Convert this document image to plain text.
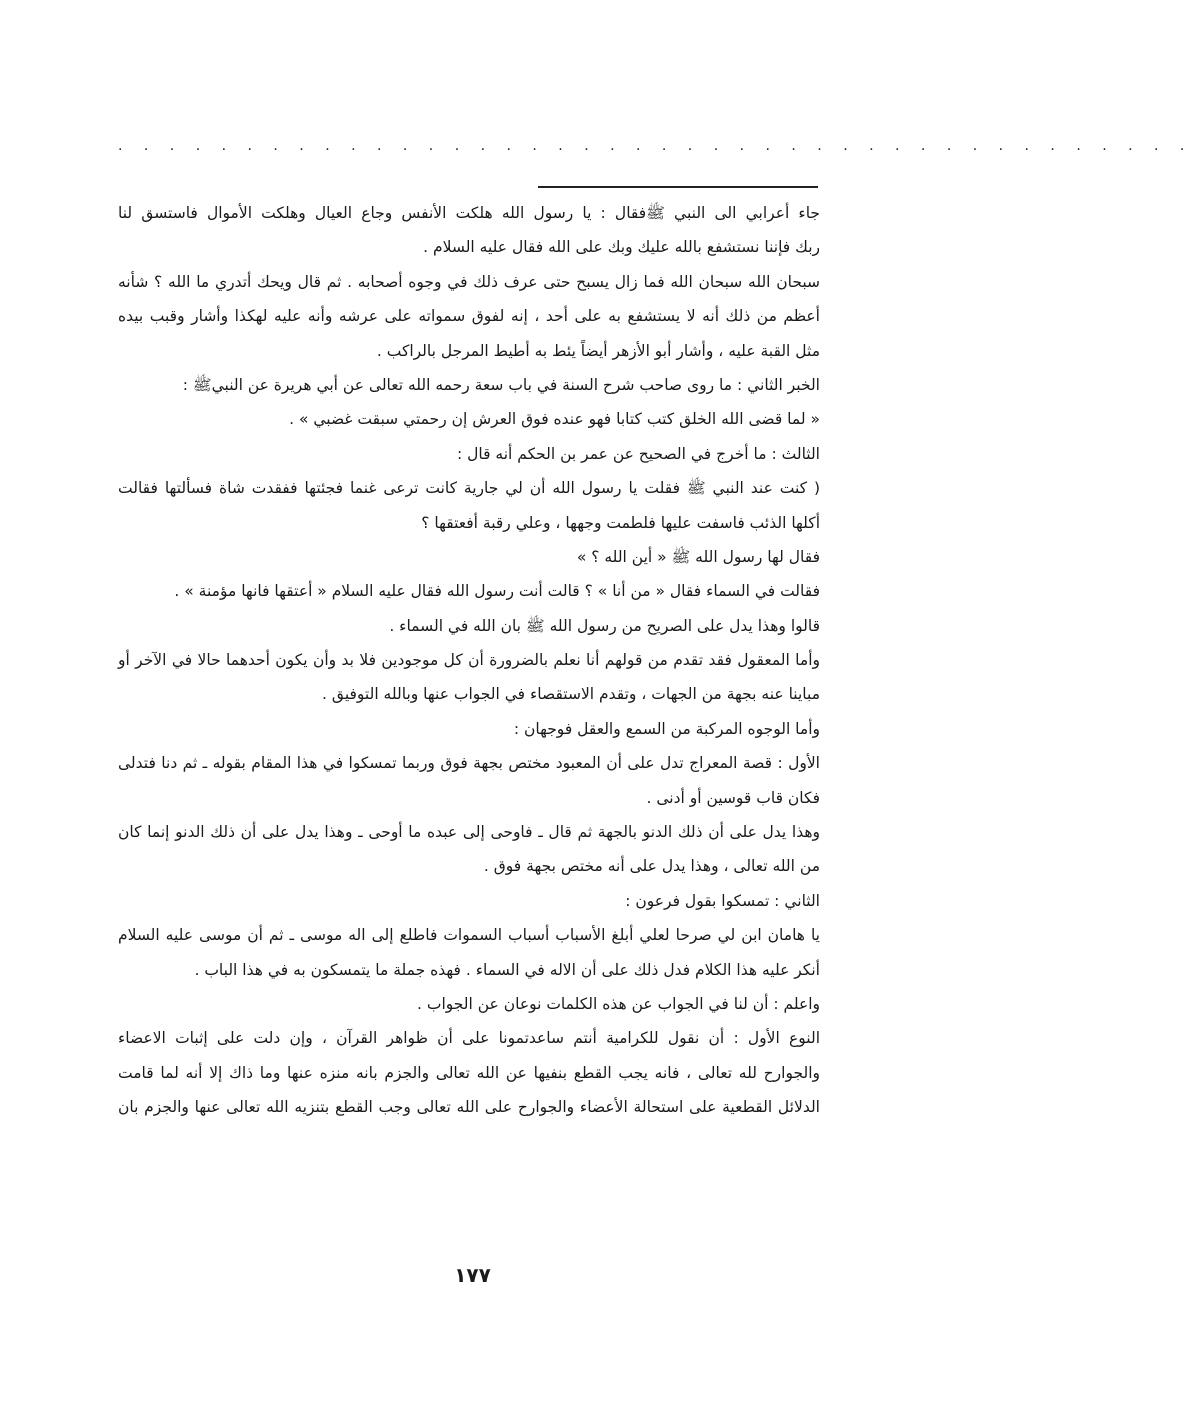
. . . . . . . . . . . . . . . . . . . . . . . . . . . . . . . . . . . . . . . . . .
جاء أعرابي الى النبي ﷺفقال : يا رسول الله هلكت الأنفس وجاع العيال وهلكت الأموال فاستسق لنا
ربك فإننا نستشفع بالله عليك وبك على الله فقال عليه السلام .
سبحان الله سبحان الله فما زال يسبح حتى عرف ذلك في وجوه أصحابه . ثم قال ويحك أتدري ما الله ؟ شأنه
أعظم من ذلك أنه لا يستشفع به على أحد ، إنه لفوق سمواته على عرشه وأنه عليه لهكذا وأشار وقبب بيده
مثل القبة عليه ، وأشار أبو الأزهر أيضاً يئط به أطيط المرجل بالراكب .
الخبر الثاني : ما روى صاحب شرح السنة في باب سعة رحمه الله تعالى عن أبي هريرة عن النبيﷺ :
« لما قضى الله الخلق كتب كتابا فهو عنده فوق العرش إن رحمتي سبقت غضبي » .
الثالث : ما أخرج في الصحيح عن عمر بن الحكم أنه قال :
( كنت عند النبي ﷺ فقلت يا رسول الله أن لي جارية كانت ترعى غنما فجئتها ففقدت شاة فسألتها فقالت
أكلها الذئب فاسفت عليها فلطمت وجهها ، وعلي رقبة أفعتقها ؟
فقال لها رسول الله ﷺ « أين الله ؟ »
فقالت في السماء فقال « من أنا » ؟ قالت أنت رسول الله فقال عليه السلام « أعتقها فانها مؤمنة » .
قالوا وهذا يدل على الصريح من رسول الله ﷺ بان الله في السماء .
وأما المعقول فقد تقدم من قولهم أنا نعلم بالضرورة أن كل موجودين فلا بد وأن يكون أحدهما حالا في الآخر أو
مباينا عنه بجهة من الجهات ، وتقدم الاستقصاء في الجواب عنها وبالله التوفيق .
وأما الوجوه المركبة من السمع والعقل فوجهان :
الأول : قصة المعراج تدل على أن المعبود مختص بجهة فوق وربما تمسكوا في هذا المقام بقوله ـ ثم دنا فتدلى
فكان قاب قوسين أو أدنى .
وهذا يدل على أن ذلك الدنو بالجهة ثم قال ـ فاوحى إلى عبده ما أوحى ـ وهذا يدل على أن ذلك الدنو إنما كان
من الله تعالى ، وهذا يدل على أنه مختص بجهة فوق .
الثاني : تمسكوا بقول فرعون :
يا هامان ابن لي صرحا لعلي أبلغ الأسباب أسباب السموات فاطلع إلى اله موسى ـ ثم أن موسى عليه السلام
أنكر عليه هذا الكلام فدل ذلك على أن الاله في السماء . فهذه جملة ما يتمسكون به في هذا الباب .
واعلم : أن لنا في الجواب عن هذه الكلمات نوعان عن الجواب .
النوع الأول : أن نقول للكرامية أنتم ساعدتمونا على أن ظواهر القرآن ، وإن دلت على إثبات الاعضاء
والجوارح لله تعالى ، فانه يجب القطع بنفيها عن الله تعالى والجزم بانه منزه عنها وما ذاك إلا أنه لما قامت
الدلائل القطعية على استحالة الأعضاء والجوارح على الله تعالى وجب القطع بتنزيه الله تعالى عنها والجزم بان
١٧٧
